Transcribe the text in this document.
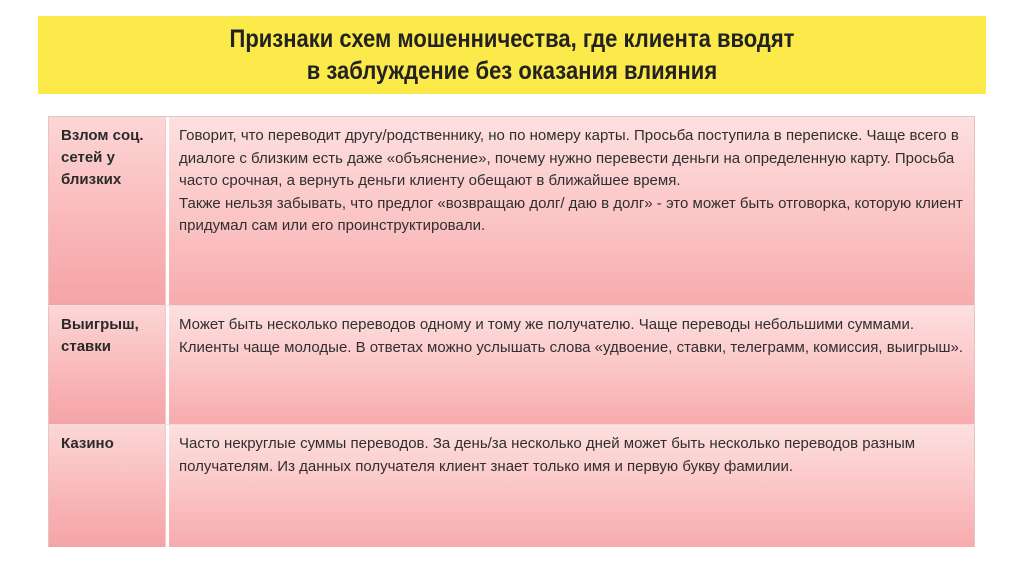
Признаки схем мошенничества, где клиента вводят
в заблуждение без оказания влияния
Взлом соц. сетей у близких
Говорит, что переводит другу/родственнику, но по номеру карты. Просьба поступила в переписке. Чаще всего в диалоге с близким есть даже «объяснение», почему нужно перевести деньги на определенную карту. Просьба часто срочная, а вернуть деньги клиенту обещают в ближайшее время.
Также нельзя забывать, что предлог «возвращаю долг/ даю в долг» - это может быть отговорка, которую клиент придумал сам или его проинструктировали.
Выигрыш, ставки
Может быть несколько переводов одному и тому же получателю. Чаще переводы небольшими суммами. Клиенты чаще молодые. В ответах можно услышать слова «удвоение, ставки, телеграмм, комиссия, выигрыш».
Казино	Часто некруглые суммы переводов. За день/за несколько дней может быть несколько переводов разным получателям. Из данных получателя клиент знает только имя и первую букву фамилии.
